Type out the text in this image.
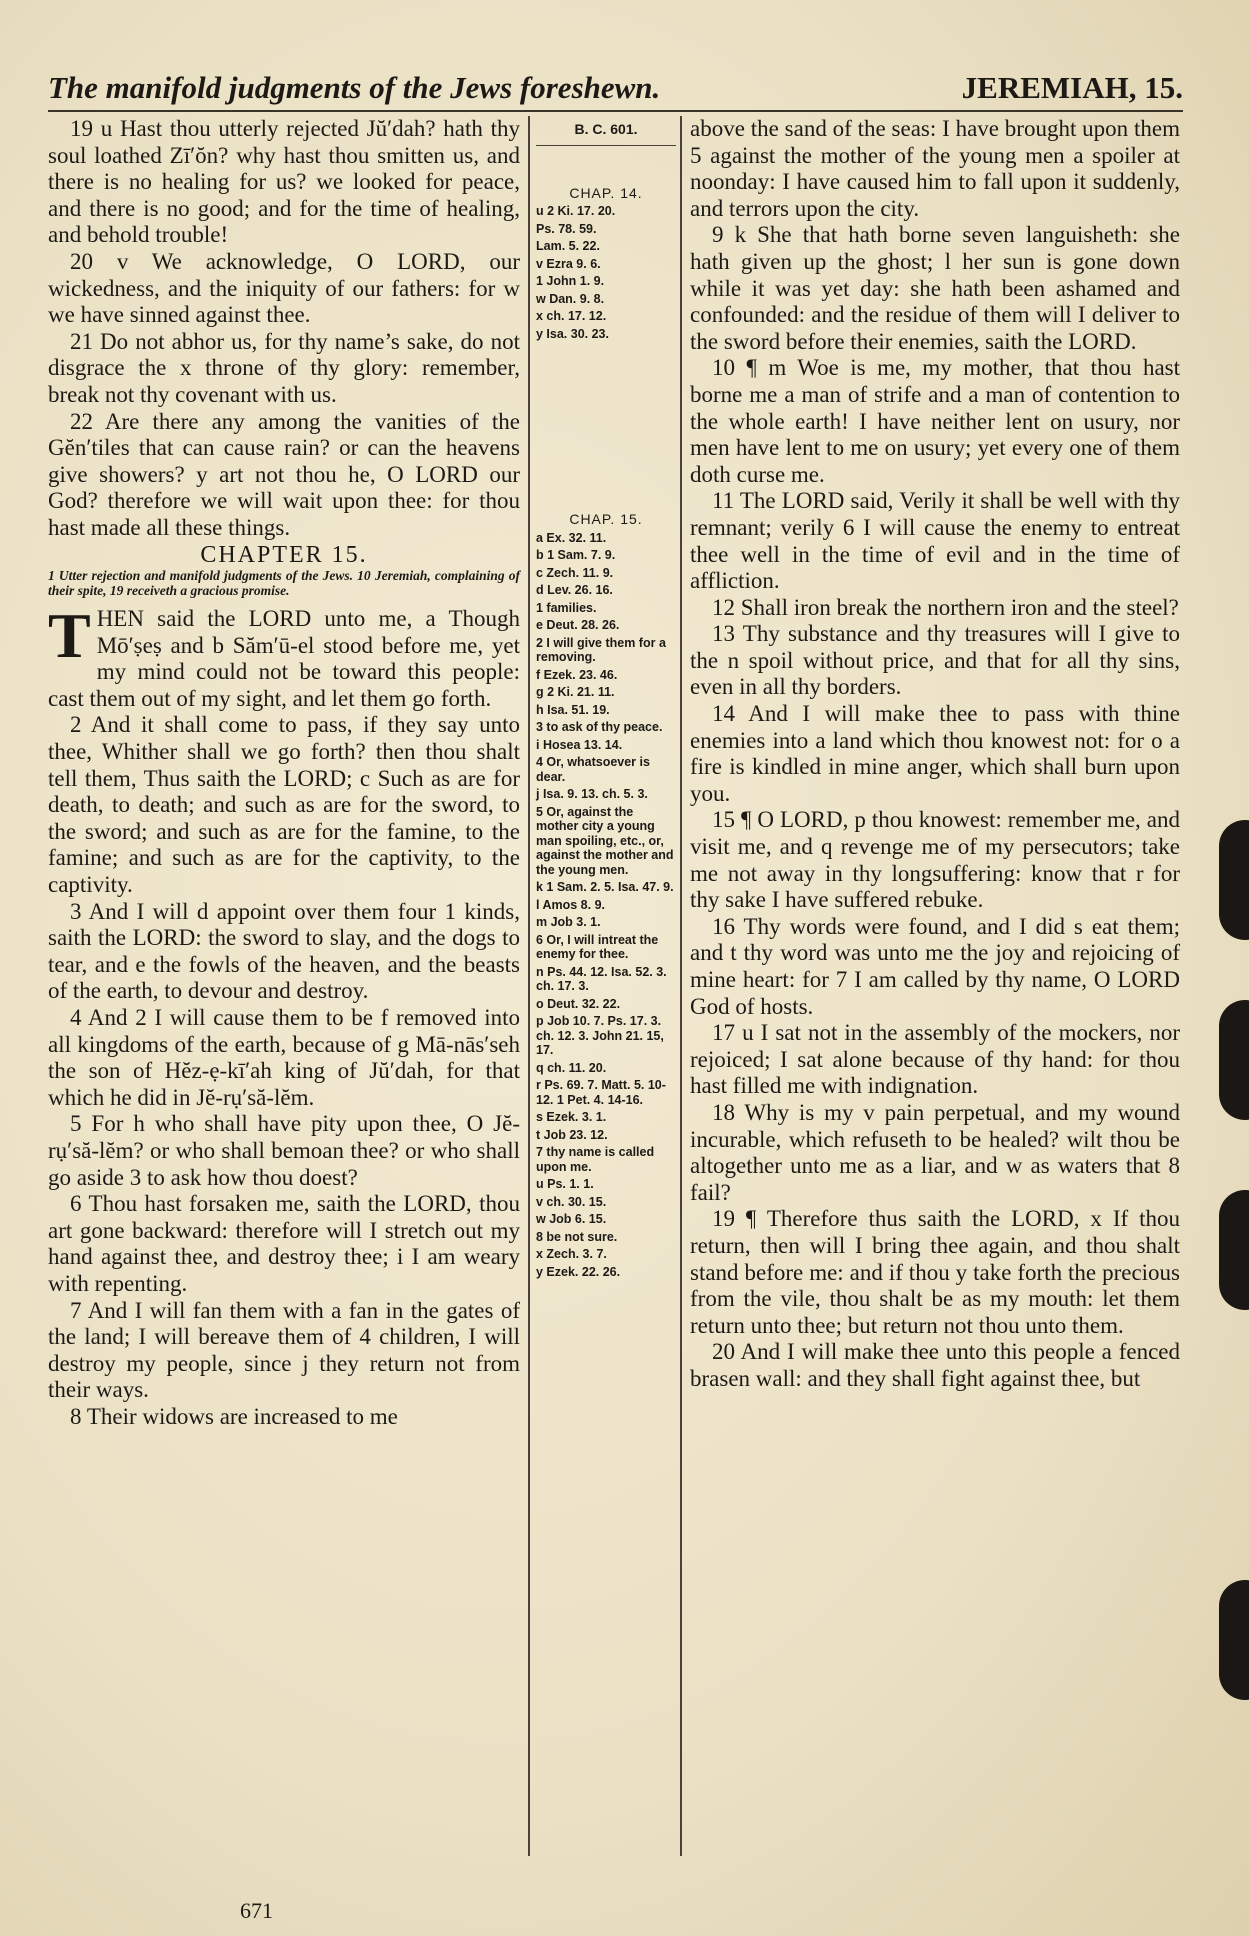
The manifold judgments of the Jews foreshewn.	JEREMIAH, 15.

19 u Hast thou utterly rejected Jŭ′dah? hath thy soul loathed Zī′ŏn? why hast thou smitten us, and there is no healing for us? we looked for peace, and there is no good; and for the time of healing, and behold trouble!

20 v We acknowledge, O LORD, our wickedness, and the iniquity of our fathers: for w we have sinned against thee.

21 Do not abhor us, for thy name’s sake, do not disgrace the x throne of thy glory: remember, break not thy covenant with us.

22 Are there any among the vanities of the Gĕn′tiles that can cause rain? or can the heavens give showers? y art not thou he, O LORD our God? therefore we will wait upon thee: for thou hast made all these things.

CHAPTER 15.

1 Utter rejection and manifold judgments of the Jews. 10 Jeremiah, complaining of their spite, 19 receiveth a gracious promise.

THEN said the LORD unto me, a Though Mō′ṣeṣ and b Săm′ū-el stood before me, yet my mind could not be toward this people: cast them out of my sight, and let them go forth.

2 And it shall come to pass, if they say unto thee, Whither shall we go forth? then thou shalt tell them, Thus saith the LORD; c Such as are for death, to death; and such as are for the sword, to the sword; and such as are for the famine, to the famine; and such as are for the captivity, to the captivity.

3 And I will d appoint over them four 1 kinds, saith the LORD: the sword to slay, and the dogs to tear, and e the fowls of the heaven, and the beasts of the earth, to devour and destroy.

4 And 2 I will cause them to be f removed into all kingdoms of the earth, because of g Mā-nās′seh the son of Hĕz-ẹ-kī′ah king of Jŭ′dah, for that which he did in Jĕ-rụ′să-lĕm.

5 For h who shall have pity upon thee, O Jĕ-rụ′să-lĕm? or who shall bemoan thee? or who shall go aside 3 to ask how thou doest?

6 Thou hast forsaken me, saith the LORD, thou art gone backward: therefore will I stretch out my hand against thee, and destroy thee; i I am weary with repenting.

7 And I will fan them with a fan in the gates of the land; I will bereave them of 4 children, I will destroy my people, since j they return not from their ways.

8 Their widows are increased to me

B. C. 601.
CHAP. 14.
u 2 Ki. 17. 20.
Ps. 78. 59.
Lam. 5. 22.
v Ezra 9. 6.
1 John 1. 9.
w Dan. 9. 8.
x ch. 17. 12.
y Isa. 30. 23.
CHAP. 15.
a Ex. 32. 11.
b 1 Sam. 7. 9.
c Zech. 11. 9.
d Lev. 26. 16.
1 families.
e Deut. 28. 26.
2 I will give them for a removing.
f Ezek. 23. 46.
g 2 Ki. 21. 11.
h Isa. 51. 19.
3 to ask of thy peace.
i Hosea 13. 14.
4 Or, whatsoever is dear.
j Isa. 9. 13. ch. 5. 3.
5 Or, against the mother city a young man spoiling, etc., or, against the mother and the young men.
k 1 Sam. 2. 5. Isa. 47. 9.
l Amos 8. 9.
m Job 3. 1.
6 Or, I will intreat the enemy for thee.
n Ps. 44. 12. Isa. 52. 3. ch. 17. 3.
o Deut. 32. 22.
p Job 10. 7. Ps. 17. 3. ch. 12. 3. John 21. 15, 17.
q ch. 11. 20.
r Ps. 69. 7. Matt. 5. 10-12. 1 Pet. 4. 14-16.
s Ezek. 3. 1.
t Job 23. 12.
7 thy name is called upon me.
u Ps. 1. 1.
v ch. 30. 15.
w Job 6. 15.
8 be not sure.
x Zech. 3. 7.
y Ezek. 22. 26.

above the sand of the seas: I have brought upon them 5 against the mother of the young men a spoiler at noonday: I have caused him to fall upon it suddenly, and terrors upon the city.

9 k She that hath borne seven languisheth: she hath given up the ghost; l her sun is gone down while it was yet day: she hath been ashamed and confounded: and the residue of them will I deliver to the sword before their enemies, saith the LORD.

10 ¶ m Woe is me, my mother, that thou hast borne me a man of strife and a man of contention to the whole earth! I have neither lent on usury, nor men have lent to me on usury; yet every one of them doth curse me.

11 The LORD said, Verily it shall be well with thy remnant; verily 6 I will cause the enemy to entreat thee well in the time of evil and in the time of affliction.

12 Shall iron break the northern iron and the steel?

13 Thy substance and thy treasures will I give to the n spoil without price, and that for all thy sins, even in all thy borders.

14 And I will make thee to pass with thine enemies into a land which thou knowest not: for o a fire is kindled in mine anger, which shall burn upon you.

15 ¶ O LORD, p thou knowest: remember me, and visit me, and q revenge me of my persecutors; take me not away in thy longsuffering: know that r for thy sake I have suffered rebuke.

16 Thy words were found, and I did s eat them; and t thy word was unto me the joy and rejoicing of mine heart: for 7 I am called by thy name, O LORD God of hosts.

17 u I sat not in the assembly of the mockers, nor rejoiced; I sat alone because of thy hand: for thou hast filled me with indignation.

18 Why is my v pain perpetual, and my wound incurable, which refuseth to be healed? wilt thou be altogether unto me as a liar, and w as waters that 8 fail?

19 ¶ Therefore thus saith the LORD, x If thou return, then will I bring thee again, and thou shalt stand before me: and if thou y take forth the precious from the vile, thou shalt be as my mouth: let them return unto thee; but return not thou unto them.

20 And I will make thee unto this people a fenced brasen wall: and they shall fight against thee, but

671
